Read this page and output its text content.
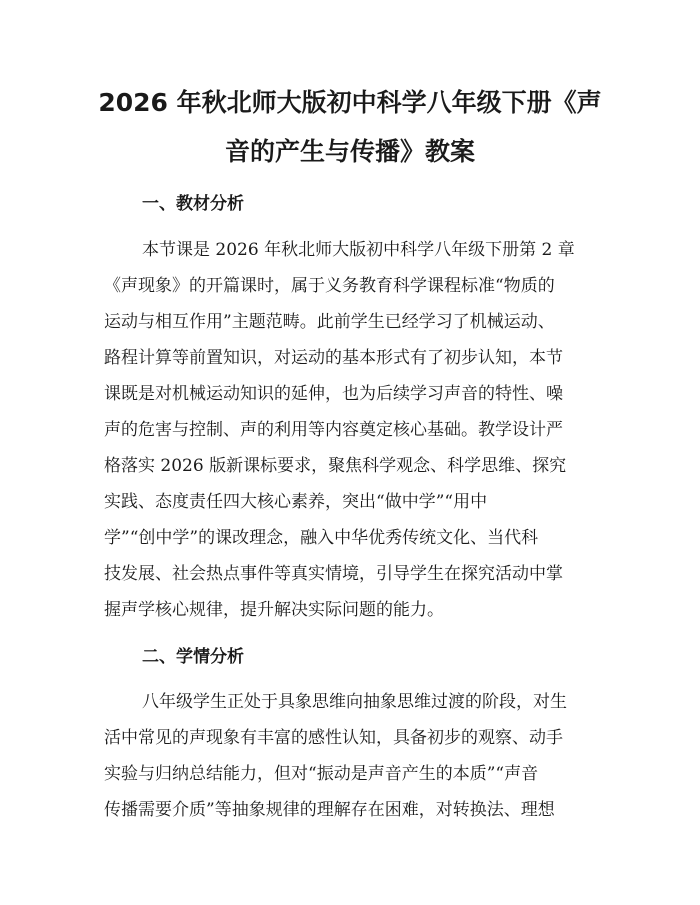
2026 年秋北师大版初中科学八年级下册《声
音的产生与传播》教案
一、教材分析

本节课是 2026 年秋北师大版初中科学八年级下册第 2 章

《声现象》的开篇课时，属于义务教育科学课程标准“物质的

运动与相互作用”主题范畴。此前学生已经学习了机械运动、

路程计算等前置知识，对运动的基本形式有了初步认知，本节

课既是对机械运动知识的延伸，也为后续学习声音的特性、噪

声的危害与控制、声的利用等内容奠定核心基础。教学设计严

格落实 2026 版新课标要求，聚焦科学观念、科学思维、探究

实践、态度责任四大核心素养，突出“做中学”“用中

学”“创中学”的课改理念，融入中华优秀传统文化、当代科

技发展、社会热点事件等真实情境，引导学生在探究活动中掌

握声学核心规律，提升解决实际问题的能力。

二、学情分析

八年级学生正处于具象思维向抽象思维过渡的阶段，对生

活中常见的声现象有丰富的感性认知，具备初步的观察、动手

实验与归纳总结能力，但对“振动是声音产生的本质”“声音

传播需要介质”等抽象规律的理解存在困难，对转换法、理想
